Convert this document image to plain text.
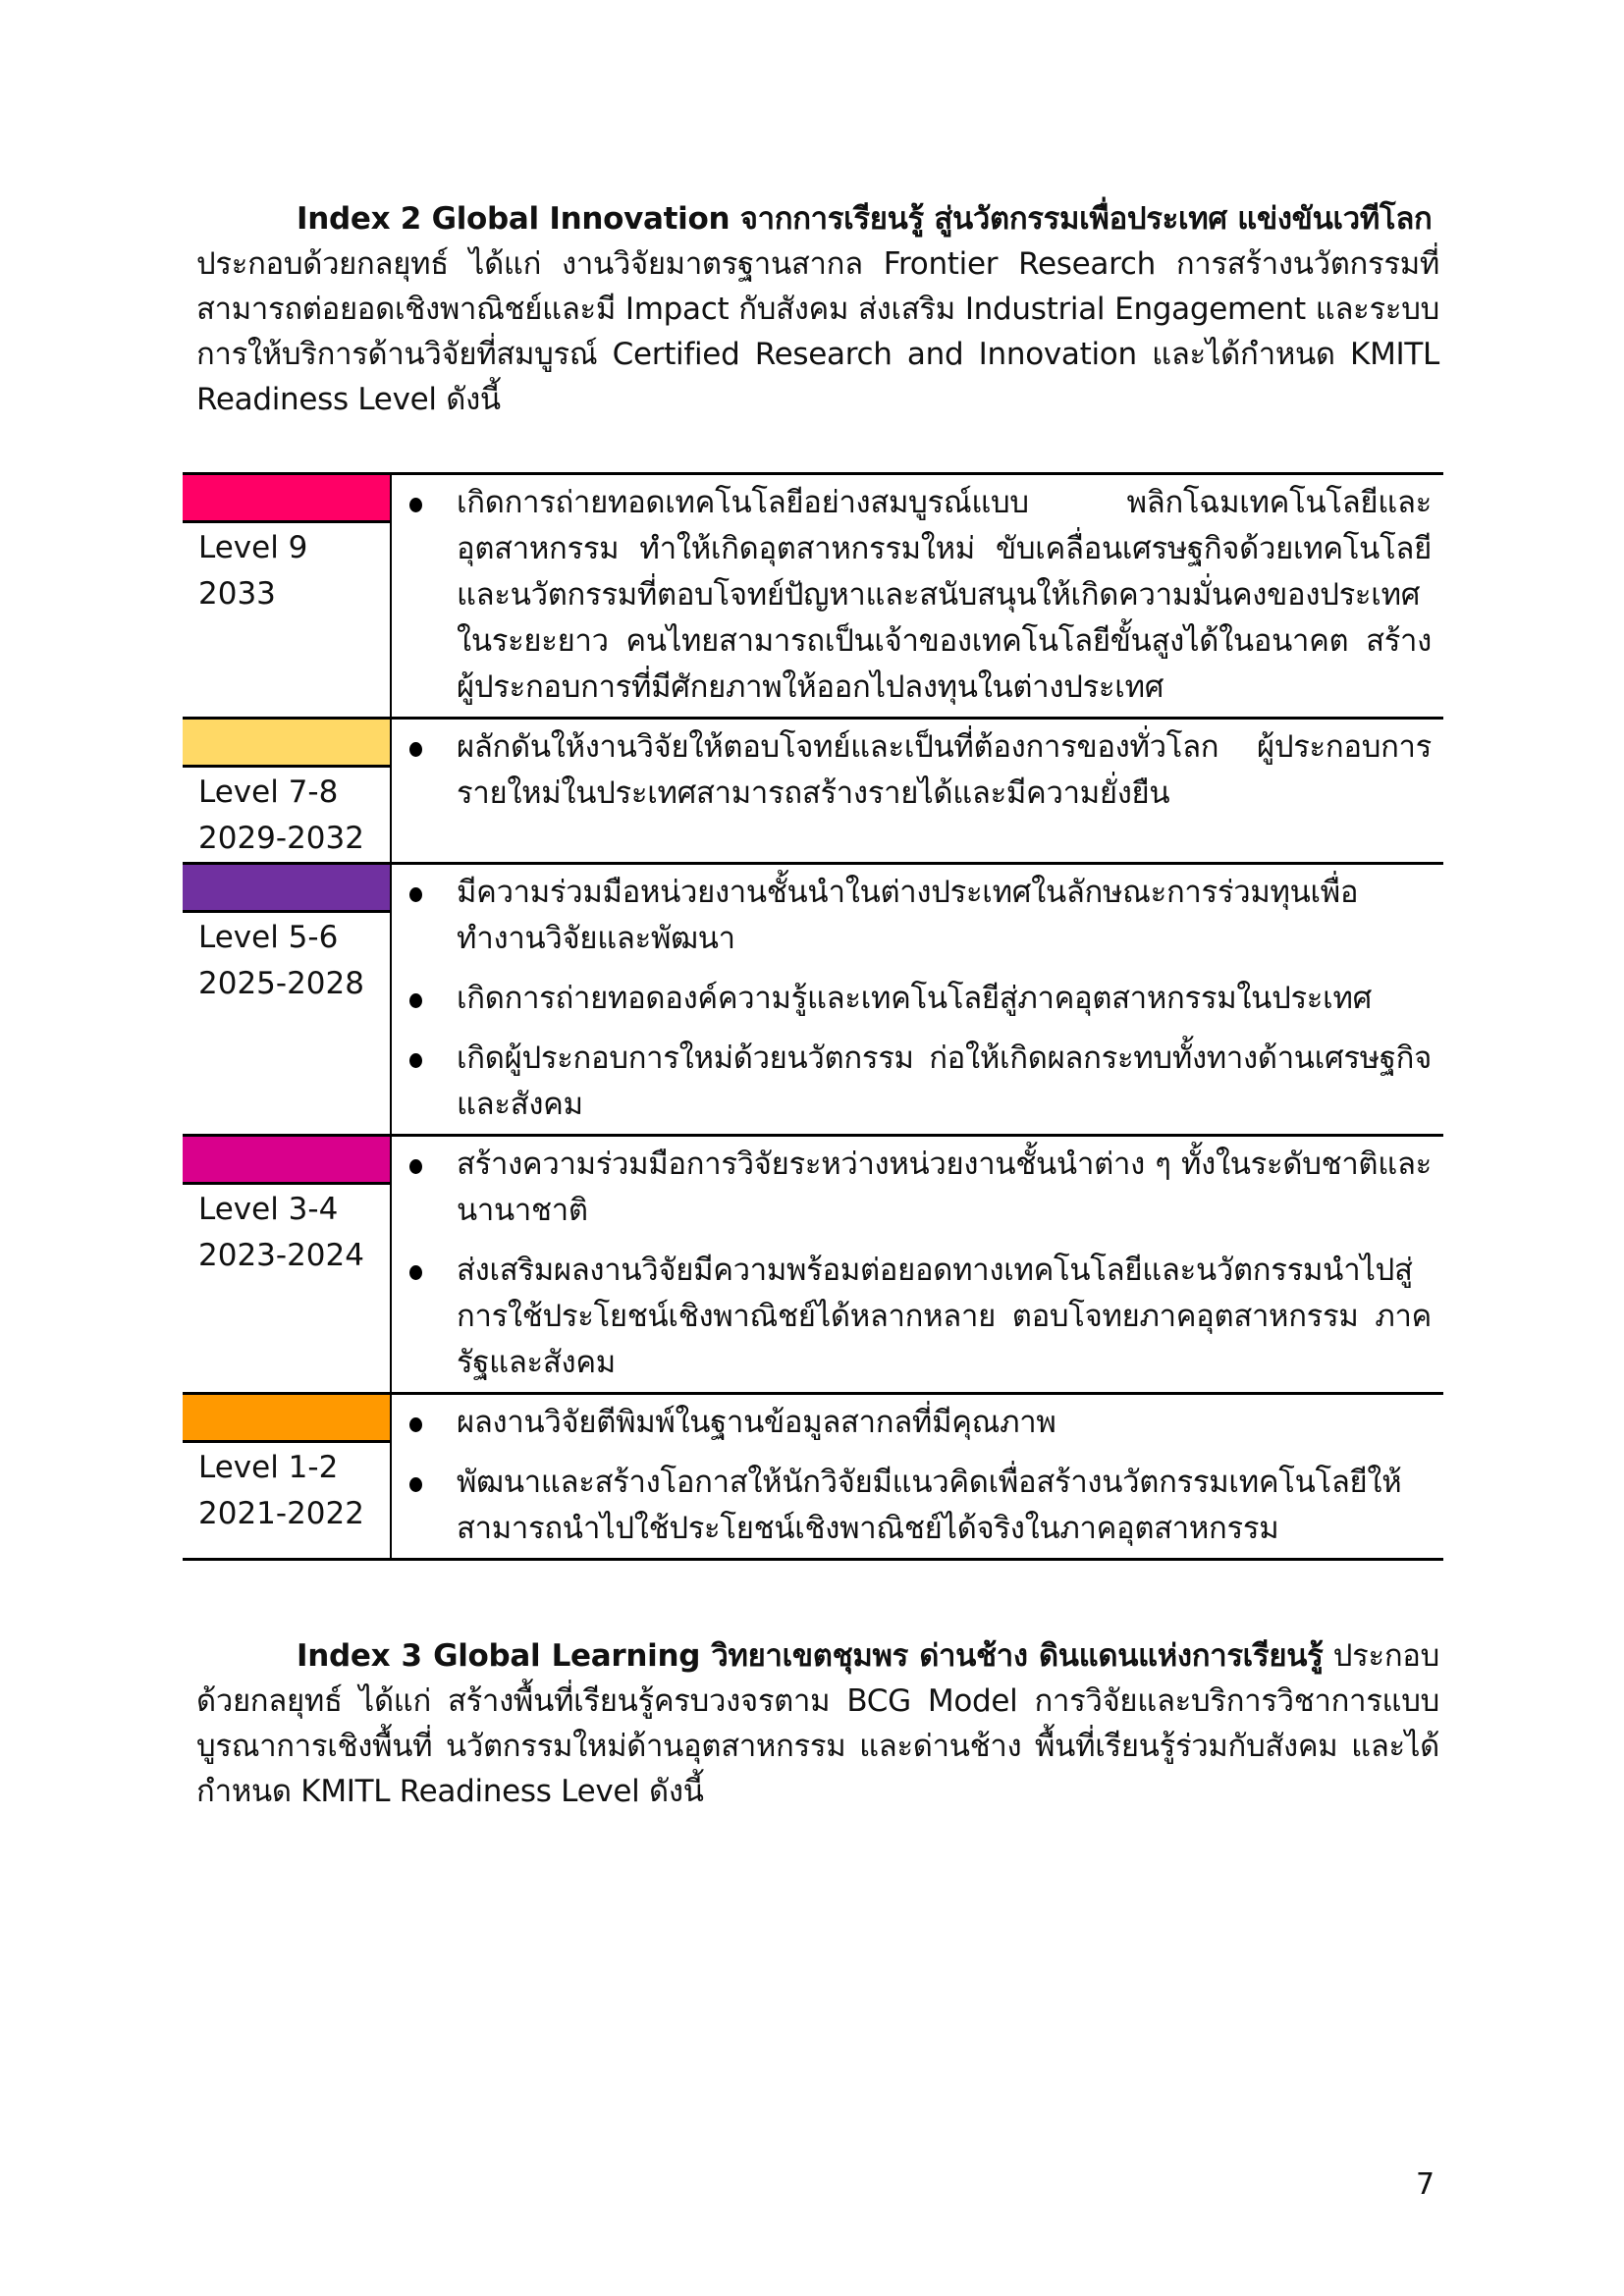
Index 2 Global Innovation จากการเรียนรู้ สู่นวัตกรรมเพื่อประเทศ แข่งขันเวทีโลก
ประกอบด้วยกลยุทธ์ ได้แก่ งานวิจัยมาตรฐานสากล Frontier Research การสร้างนวัตกรรมที่สามารถต่อยอดเชิงพาณิชย์และมี Impact กับสังคม ส่งเสริม Industrial Engagement และระบบการให้บริการด้านวิจัยที่สมบูรณ์ Certified Research and Innovation และได้กำหนด KMITL Readiness Level ดังนี้

Level 9
2033
เกิดการถ่ายทอดเทคโนโลยีอย่างสมบูรณ์แบบ พลิกโฉมเทคโนโลยีและอุตสาหกรรม ทำให้เกิดอุตสาหกรรมใหม่ ขับเคลื่อนเศรษฐกิจด้วยเทคโนโลยีและนวัตกรรมที่ตอบโจทย์ปัญหาและสนับสนุนให้เกิดความมั่นคงของประเทศในระยะยาว คนไทยสามารถเป็นเจ้าของเทคโนโลยีขั้นสูงได้ในอนาคต สร้างผู้ประกอบการที่มีศักยภาพให้ออกไปลงทุนในต่างประเทศ
Level 7-8
2029-2032
ผลักดันให้งานวิจัยให้ตอบโจทย์และเป็นที่ต้องการของทั่วโลก ผู้ประกอบการรายใหม่ในประเทศสามารถสร้างรายได้และมีความยั่งยืน
Level 5-6
2025-2028
มีความร่วมมือหน่วยงานชั้นนำในต่างประเทศในลักษณะการร่วมทุนเพื่อทำงานวิจัยและพัฒนา
เกิดการถ่ายทอดองค์ความรู้และเทคโนโลยีสู่ภาคอุตสาหกรรมในประเทศ
เกิดผู้ประกอบการใหม่ด้วยนวัตกรรม ก่อให้เกิดผลกระทบทั้งทางด้านเศรษฐกิจและสังคม
Level 3-4
2023-2024
สร้างความร่วมมือการวิจัยระหว่างหน่วยงานชั้นนำต่าง ๆ ทั้งในระดับชาติและนานาชาติ
ส่งเสริมผลงานวิจัยมีความพร้อมต่อยอดทางเทคโนโลยีและนวัตกรรมนำไปสู่การใช้ประโยชน์เชิงพาณิชย์ได้หลากหลาย ตอบโจทยภาคอุตสาหกรรม ภาครัฐและสังคม
Level 1-2
2021-2022
ผลงานวิจัยตีพิมพ์ในฐานข้อมูลสากลที่มีคุณภาพ
พัฒนาและสร้างโอกาสให้นักวิจัยมีแนวคิดเพื่อสร้างนวัตกรรมเทคโนโลยีให้สามารถนำไปใช้ประโยชน์เชิงพาณิชย์ได้จริงในภาคอุตสาหกรรม

Index 3 Global Learning วิทยาเขตชุมพร ด่านช้าง ดินแดนแห่งการเรียนรู้ ประกอบด้วยกลยุทธ์ ได้แก่ สร้างพื้นที่เรียนรู้ครบวงจรตาม BCG Model การวิจัยและบริการวิชาการแบบบูรณาการเชิงพื้นที่ นวัตกรรมใหม่ด้านอุตสาหกรรม และด่านช้าง พื้นที่เรียนรู้ร่วมกับสังคม และได้กำหนด KMITL Readiness Level ดังนี้

7
